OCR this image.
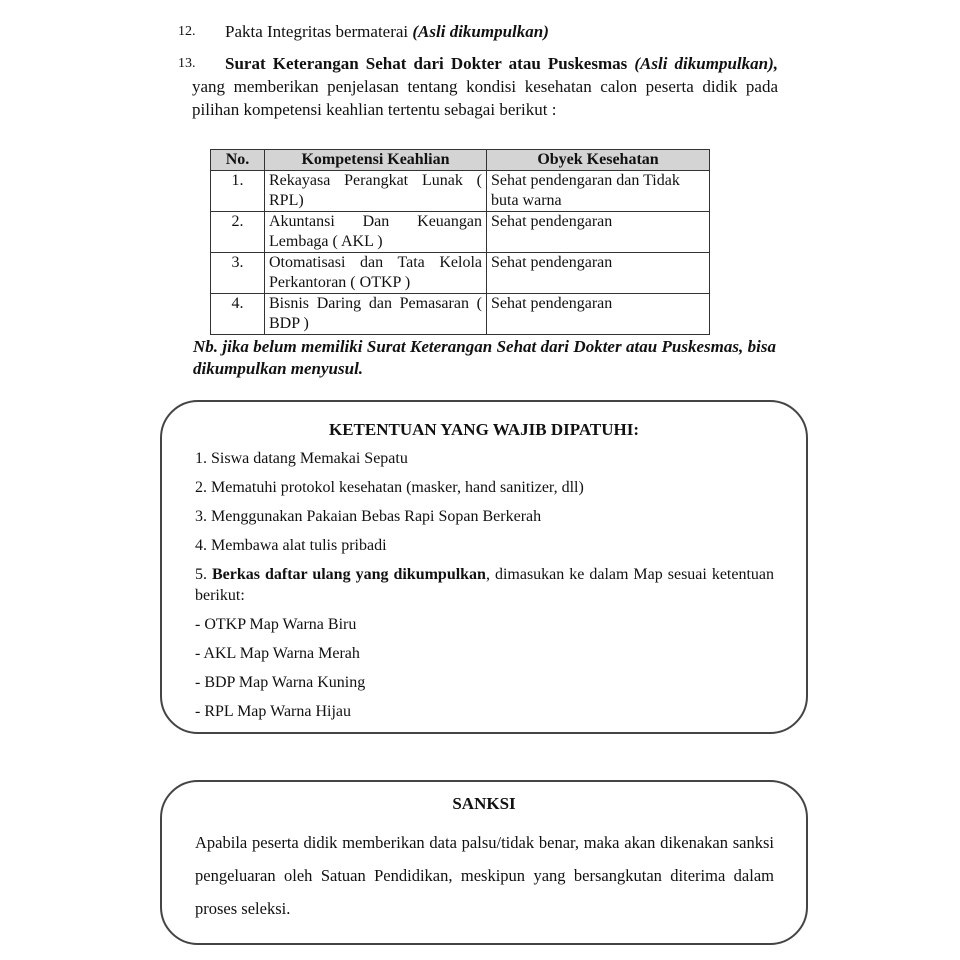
12. Pakta Integritas bermaterai (Asli dikumpulkan)
13.	Surat Keterangan Sehat dari Dokter atau Puskesmas (Asli dikumpulkan), yang memberikan penjelasan tentang kondisi kesehatan calon peserta didik pada pilihan kompetensi keahlian tertentu sebagai berikut :
No.	Kompetensi Keahlian	Obyek Kesehatan
1.	Rekayasa Perangkat Lunak ( RPL)	Sehat pendengaran dan Tidak buta warna
2.	Akuntansi Dan Keuangan Lembaga ( AKL )	Sehat pendengaran
3.	Otomatisasi dan Tata Kelola Perkantoran ( OTKP )	Sehat pendengaran
4.	Bisnis Daring dan Pemasaran ( BDP )	Sehat pendengaran
Nb. jika belum memiliki Surat Keterangan Sehat dari Dokter atau Puskesmas, bisa dikumpulkan menyusul.
KETENTUAN YANG WAJIB DIPATUHI:
1. Siswa datang Memakai Sepatu
2. Mematuhi protokol kesehatan (masker, hand sanitizer, dll)
3. Menggunakan Pakaian Bebas Rapi Sopan Berkerah
4. Membawa alat tulis pribadi
5. Berkas daftar ulang yang dikumpulkan, dimasukan ke dalam Map sesuai ketentuan berikut:
- OTKP Map Warna Biru
- AKL Map Warna Merah
- BDP Map Warna Kuning
- RPL Map Warna Hijau
SANKSI
Apabila peserta didik memberikan data palsu/tidak benar, maka akan dikenakan sanksi pengeluaran oleh Satuan Pendidikan, meskipun yang bersangkutan diterima dalam proses seleksi.
